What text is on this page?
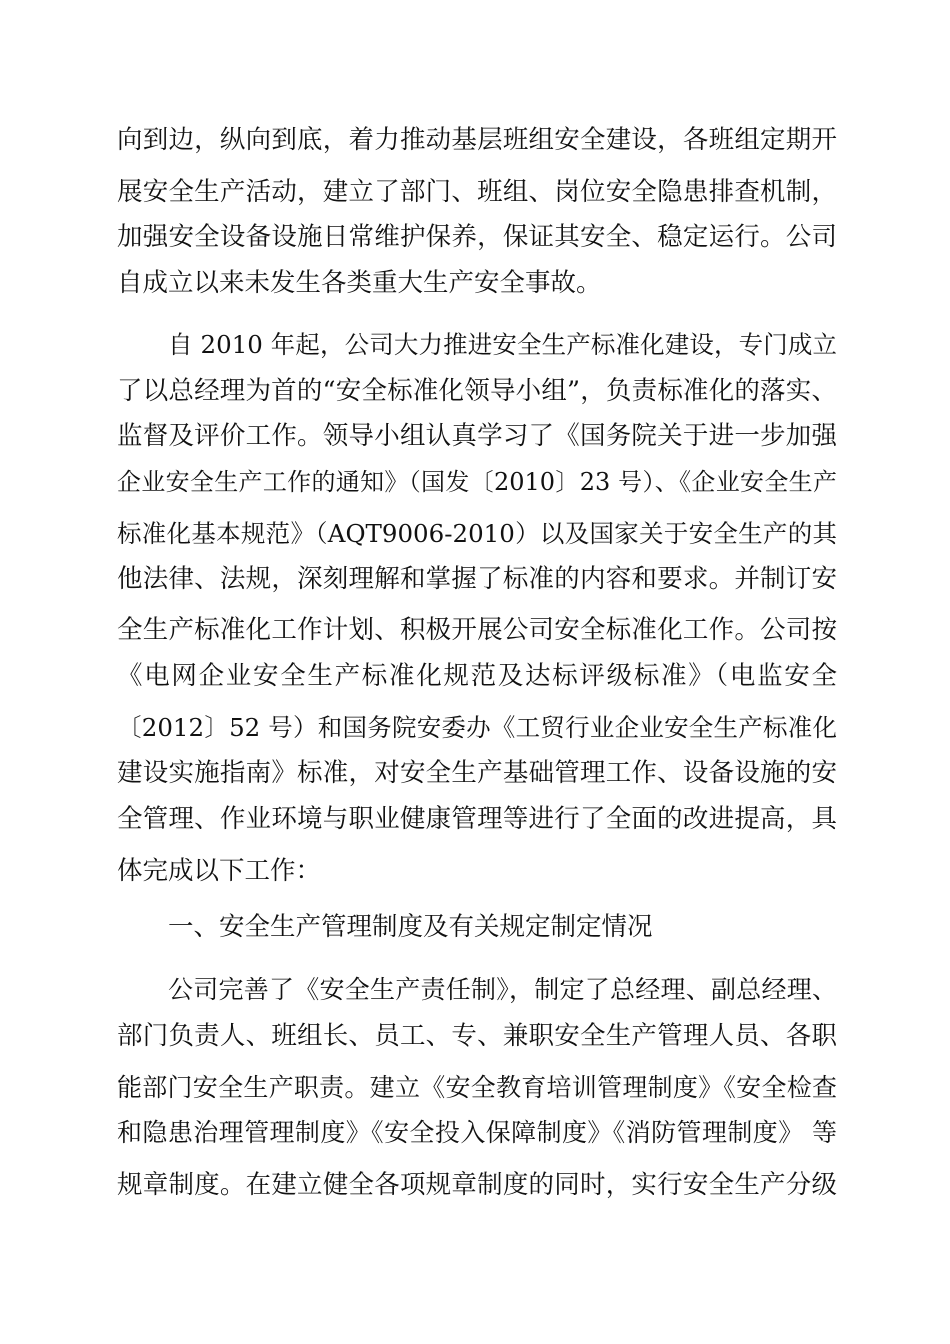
向到边，纵向到底，着力推动基层班组安全建设，各班组定期开
展安全生产活动，建立了部门、班组、岗位安全隐患排查机制，
加强安全设备设施日常维护保养，保证其安全、稳定运行。公司
自成立以来未发生各类重大生产安全事故。
自 2010 年起，公司大力推进安全生产标准化建设，专门成立
了以总经理为首的“安全标准化领导小组”，负责标准化的落实、
监督及评价工作。领导小组认真学习了《国务院关于进一步加强
企业安全生产工作的通知》（国发〔2010〕23 号）、《企业安全生产
标准化基本规范》（AQT9006-2010）以及国家关于安全生产的其
他法律、法规，深刻理解和掌握了标准的内容和要求。并制订安
全生产标准化工作计划、积极开展公司安全标准化工作。公司按
《电网企业安全生产标准化规范及达标评级标准》（电监安全
〔2012〕52 号）和国务院安委办《工贸行业企业安全生产标准化
建设实施指南》标准，对安全生产基础管理工作、设备设施的安
全管理、作业环境与职业健康管理等进行了全面的改进提高，具
体完成以下工作：
一、安全生产管理制度及有关规定制定情况
公司完善了《安全生产责任制》，制定了总经理、副总经理、
部门负责人、班组长、员工、专、兼职安全生产管理人员、各职
能部门安全生产职责。建立《安全教育培训管理制度》《安全检查
和隐患治理管理制度》《安全投入保障制度》《消防管理制度》 等
规章制度。在建立健全各项规章制度的同时，实行安全生产分级
